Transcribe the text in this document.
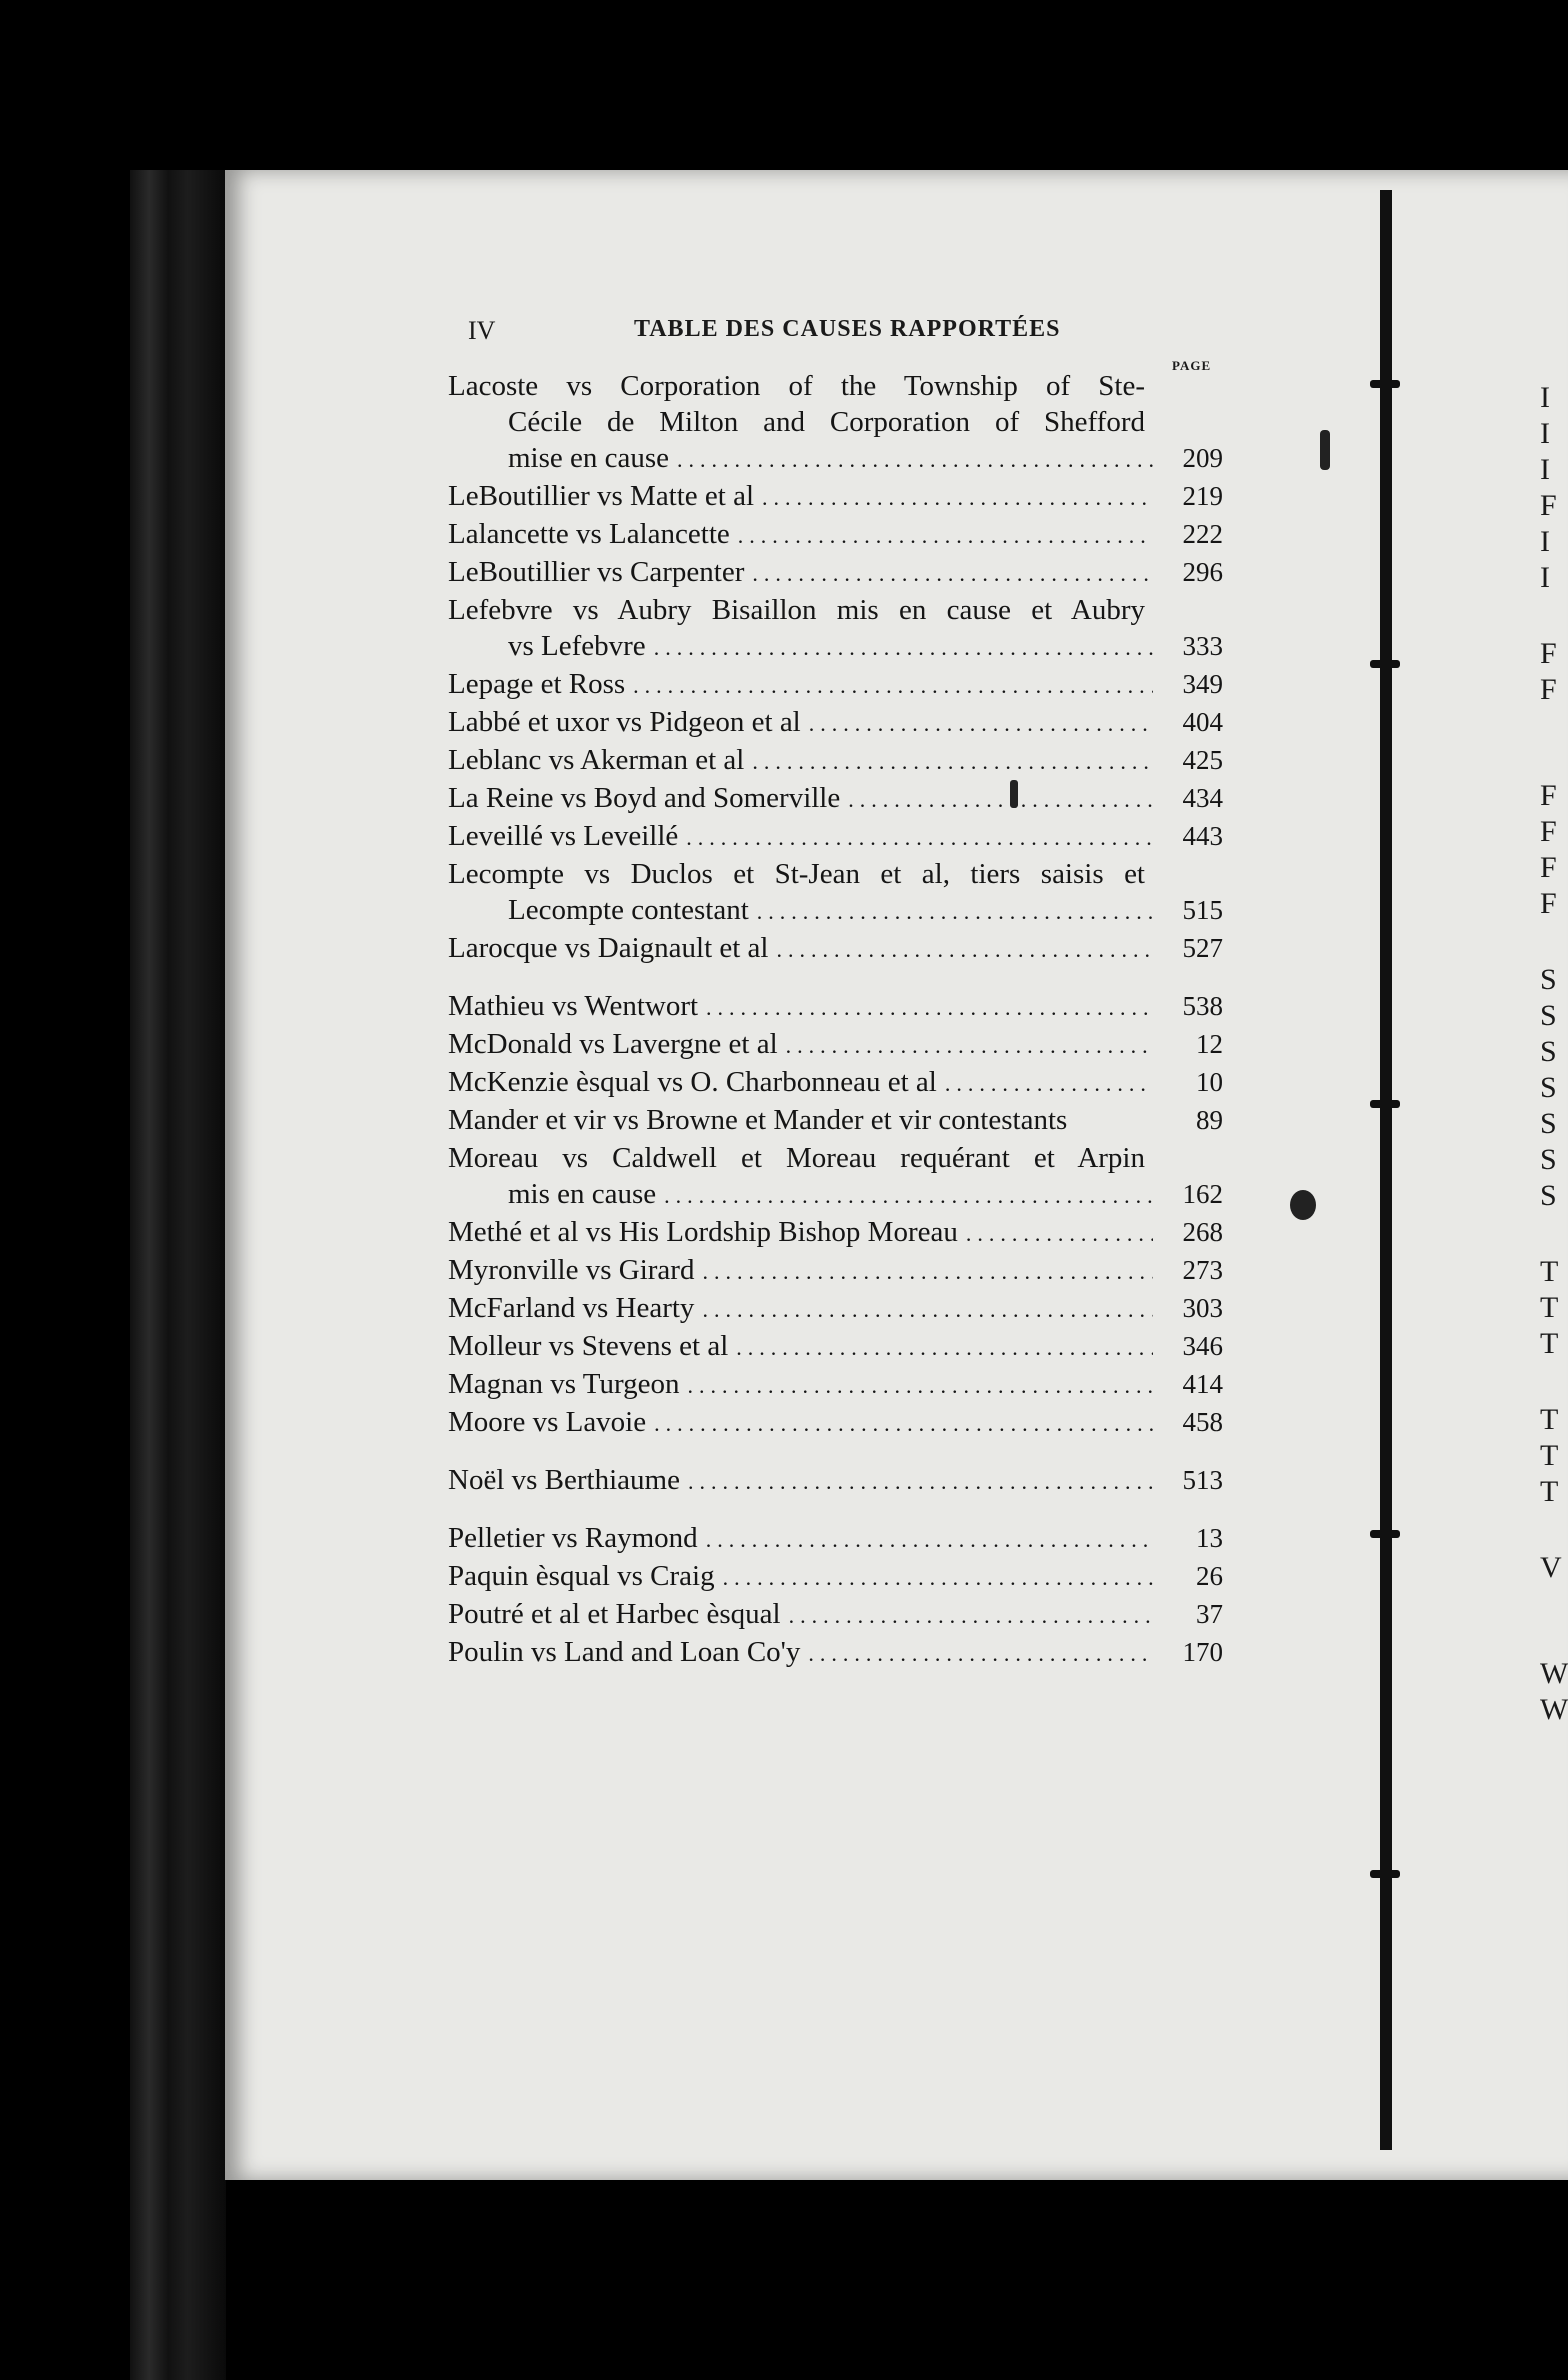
IV	TABLE DES CAUSES RAPPORTÉES
PAGE
Lacoste vs Corporation of the Township of Ste-
Cécile de Milton and Corporation of Shefford
mise en cause .....	209
LeBoutillier vs Matte et al .....	219
Lalancette vs Lalancette .....	222
LeBoutillier vs Carpenter .....	296
Lefebvre vs Aubry Bisaillon mis en cause et Aubry
vs Lefebvre .....	333
Lepage et Ross .....	349
Labbé et uxor vs Pidgeon et al .....	404
Leblanc vs Akerman et al .....	425
La Reine vs Boyd and Somerville .....	434
Leveillé vs Leveillé .....	443
Lecompte vs Duclos et St-Jean et al, tiers saisis et
Lecompte contestant .....	515
Larocque vs Daignault et al .....	527
Mathieu vs Wentwort .....	538
McDonald vs Lavergne et al .....	12
McKenzie èsqual vs O. Charbonneau et al .....	10
Mander et vir vs Browne et Mander et vir contestants	89
Moreau vs Caldwell et Moreau requérant et Arpin
mis en cause .....	162
Methé et al vs His Lordship Bishop Moreau .....	268
Myronville vs Girard .....	273
McFarland vs Hearty .....	303
Molleur vs Stevens et al .....	346
Magnan vs Turgeon .....	414
Moore vs Lavoie .....	458
Noël vs Berthiaume .....	513
Pelletier vs Raymond .....	13
Paquin èsqual vs Craig .....	26
Poutré et al et Harbec èsqual .....	37
Poulin vs Land and Loan Co'y .....	170
I
I
I
F
I
I
F
F
F
F
F
F
S
S
S
S
S
S
S
T
T
T
T
T
T
V
W
W
